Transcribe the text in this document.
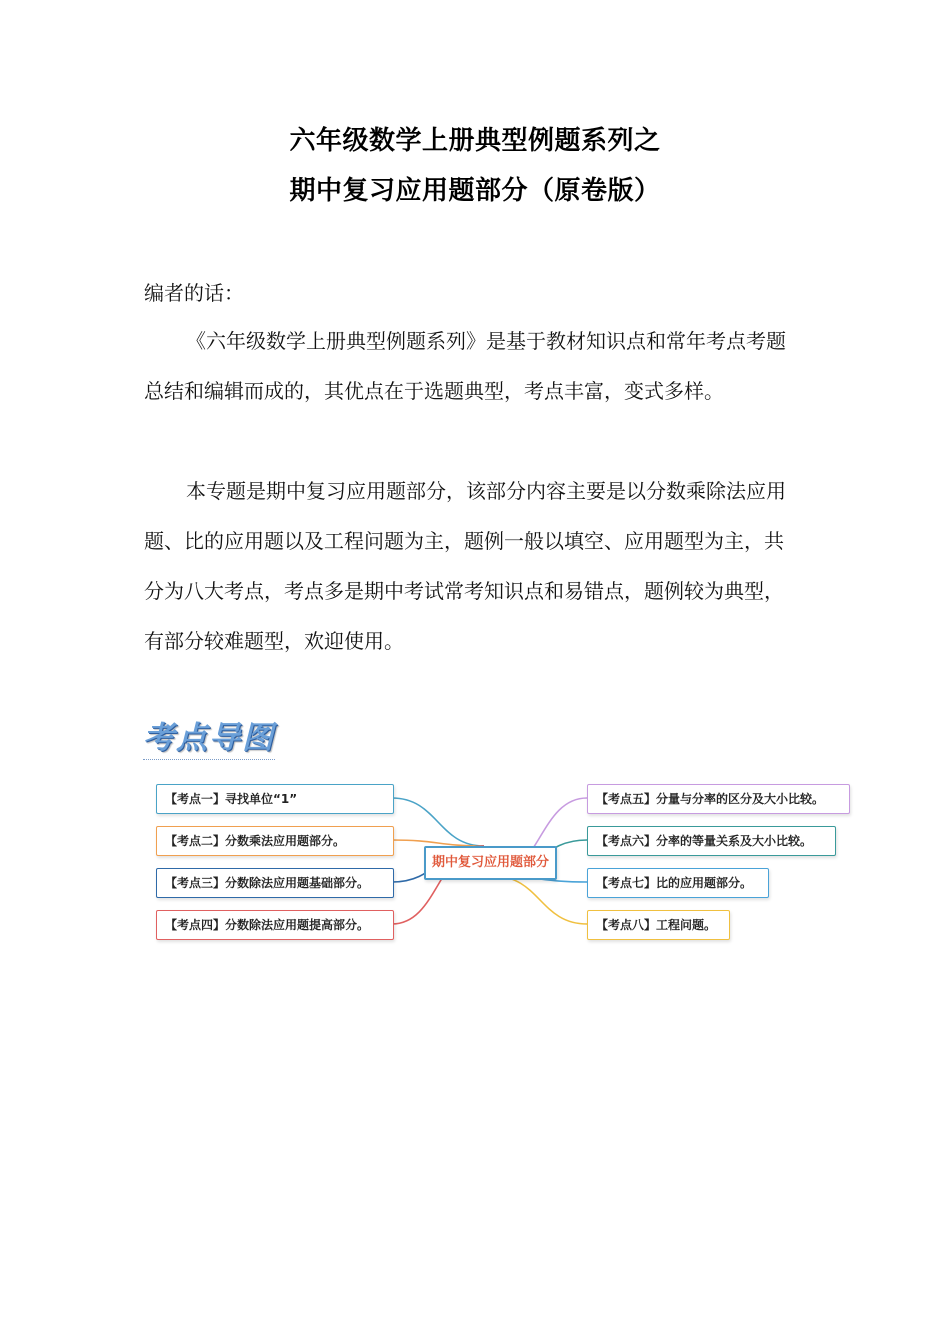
六年级数学上册典型例题系列之
期中复习应用题部分（原卷版）
编者的话：
《六年级数学上册典型例题系列》是基于教材知识点和常年考点考题总结和编辑而成的，其优点在于选题典型，考点丰富，变式多样。
本专题是期中复习应用题部分，该部分内容主要是以分数乘除法应用题、比的应用题以及工程问题为主，题例一般以填空、应用题型为主，共分为八大考点，考点多是期中考试常考知识点和易错点，题例较为典型，有部分较难题型，欢迎使用。
考点导图
【考点一】寻找单位“1”
【考点二】分数乘法应用题部分。
【考点三】分数除法应用题基础部分。
【考点四】分数除法应用题提高部分。
【考点五】分量与分率的区分及大小比较。
【考点六】分率的等量关系及大小比较。
【考点七】比的应用题部分。
【考点八】工程问题。
期中复习应用题部分
